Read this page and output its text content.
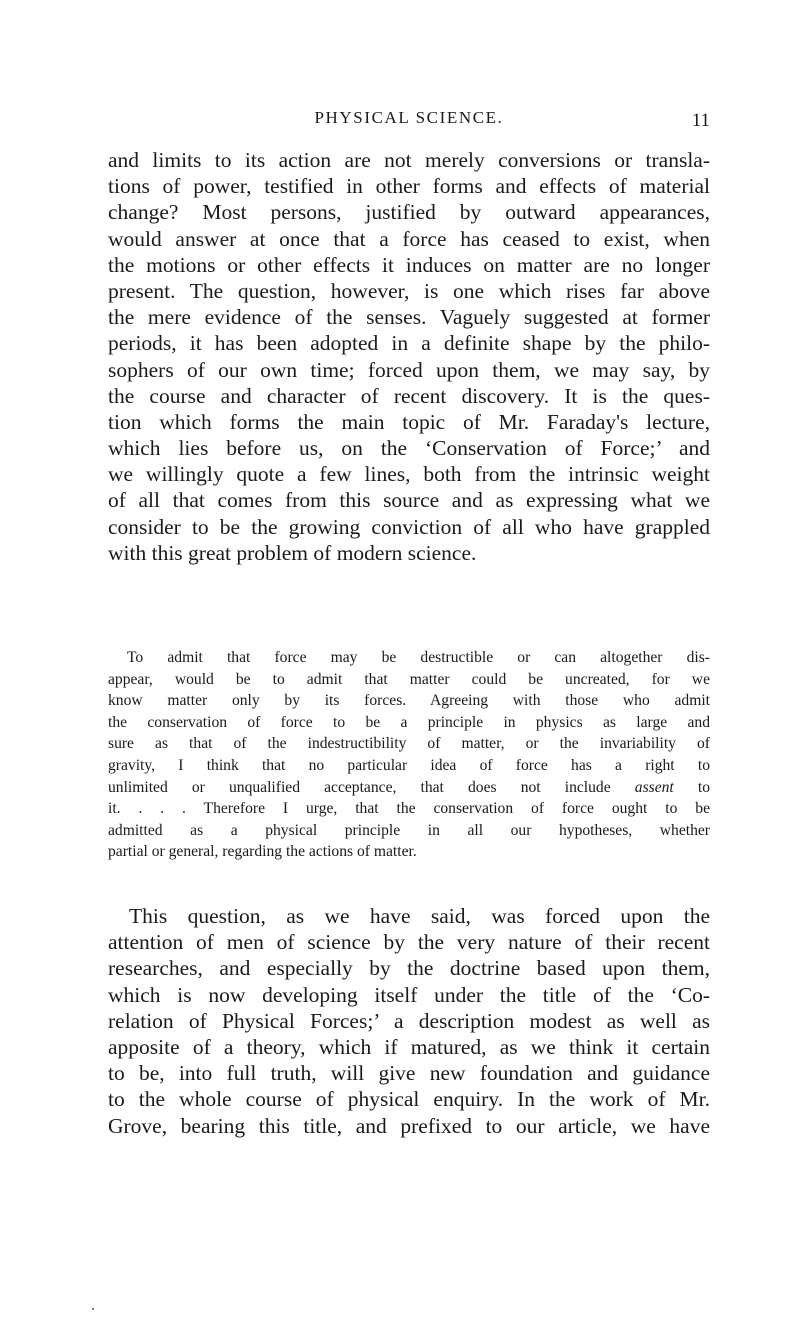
PHYSICAL SCIENCE.	11
and limits to its action are not merely conversions or transla-
tions of power, testified in other forms and effects of material
change? Most persons, justified by outward appearances,
would answer at once that a force has ceased to exist, when
the motions or other effects it induces on matter are no longer
present. The question, however, is one which rises far above
the mere evidence of the senses. Vaguely suggested at former
periods, it has been adopted in a definite shape by the philo-
sophers of our own time; forced upon them, we may say, by
the course and character of recent discovery. It is the ques-
tion which forms the main topic of Mr. Faraday's lecture,
which lies before us, on the ‘Conservation of Force;’ and
we willingly quote a few lines, both from the intrinsic weight
of all that comes from this source and as expressing what we
consider to be the growing conviction of all who have grappled
with this great problem of modern science.
To admit that force may be destructible or can altogether dis-
appear, would be to admit that matter could be uncreated, for we
know matter only by its forces. Agreeing with those who admit
the conservation of force to be a principle in physics as large and
sure as that of the indestructibility of matter, or the invariability of
gravity, I think that no particular idea of force has a right to
unlimited or unqualified acceptance, that does not include assent to
it. . . . Therefore I urge, that the conservation of force ought to be
admitted as a physical principle in all our hypotheses, whether
partial or general, regarding the actions of matter.
This question, as we have said, was forced upon the
attention of men of science by the very nature of their recent
researches, and especially by the doctrine based upon them,
which is now developing itself under the title of the ‘Co-
relation of Physical Forces;’ a description modest as well as
apposite of a theory, which if matured, as we think it certain
to be, into full truth, will give new foundation and guidance
to the whole course of physical enquiry. In the work of Mr.
Grove, bearing this title, and prefixed to our article, we have
